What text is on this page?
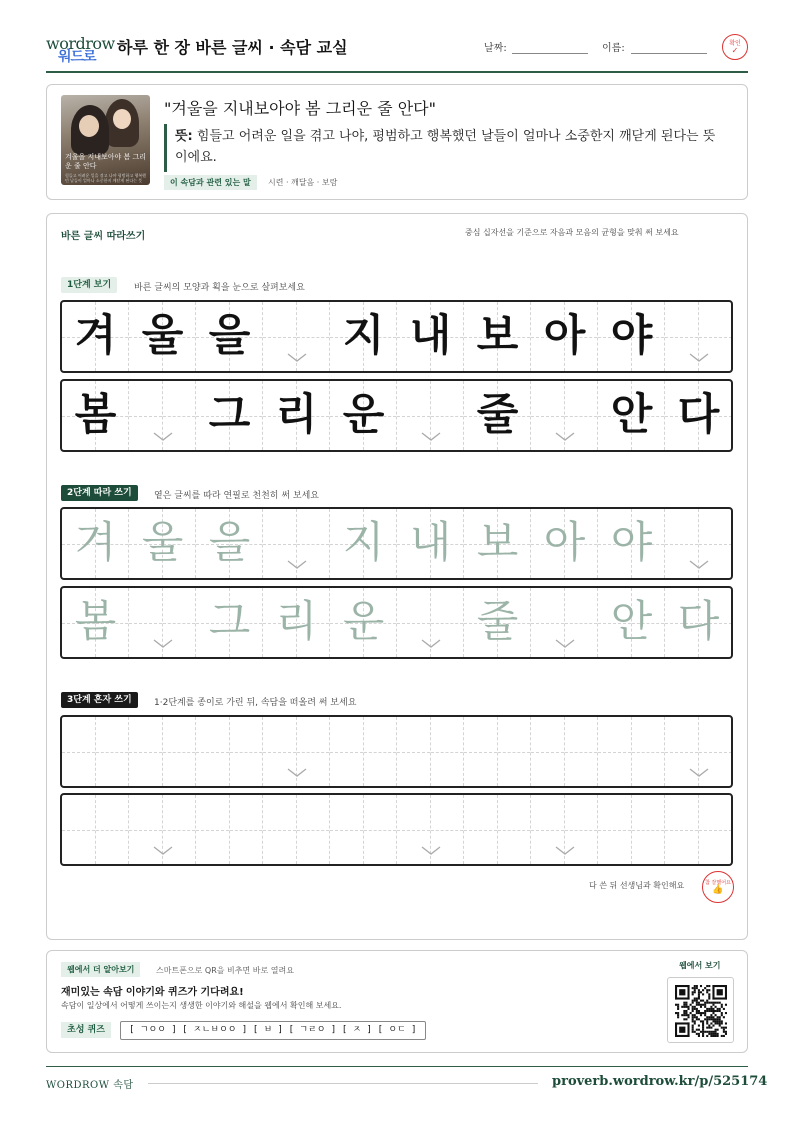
wordrow
워드로 하루 한 장 바른 글씨 · 속담 교실	날짜:	이름:	확인
✓
겨울을 지내보아야 봄 그리운 줄 안다
힘들고 어려운 일을 겪고 나야 평범하고 행복했던 날들이 얼마나 소중한지 깨닫게 된다는 뜻
"겨울을 지내보아야 봄 그리운 줄 안다"
뜻: 힘들고 어려운 일을 겪고 나야, 평범하고 행복했던 날들이 얼마나 소중한지 깨닫게 된다는 뜻이에요.
이 속담과 관련 있는 말	시련 · 깨달음 · 보람
바른 글씨 따라쓰기	중심 십자선을 기준으로 자음과 모음의 균형을 맞춰 써 보세요
1단계 보기	바른 글씨의 모양과 획을 눈으로 살펴보세요
겨 울 을 지 내 보 아 야
봄 그 리 운 줄 안 다
2단계 따라 쓰기	옅은 글씨를 따라 연필로 천천히 써 보세요
겨 울 을 지 내 보 아 야
봄 그 리 운 줄 안 다
3단계 혼자 쓰기	1·2단계를 종이로 가린 뒤, 속담을 떠올려 써 보세요
다 쓴 뒤 선생님과 확인해요	참 잘했어요
👍
웹에서 더 알아보기	스마트폰으로 QR을 비추면 바로 열려요
재미있는 속담 이야기와 퀴즈가 기다려요!
속담이 일상에서 어떻게 쓰이는지 생생한 이야기와 해설을 웹에서 확인해 보세요.
초성 퀴즈	[ ㄱㅇㅇ ] [ ㅈㄴㅂㅇㅇ ] [ ㅂ ] [ ㄱㄹㅇ ] [ ㅈ ] [ ㅇㄷ ]
웹에서 보기
WORDROW 속담	proverb.wordrow.kr/p/525174
